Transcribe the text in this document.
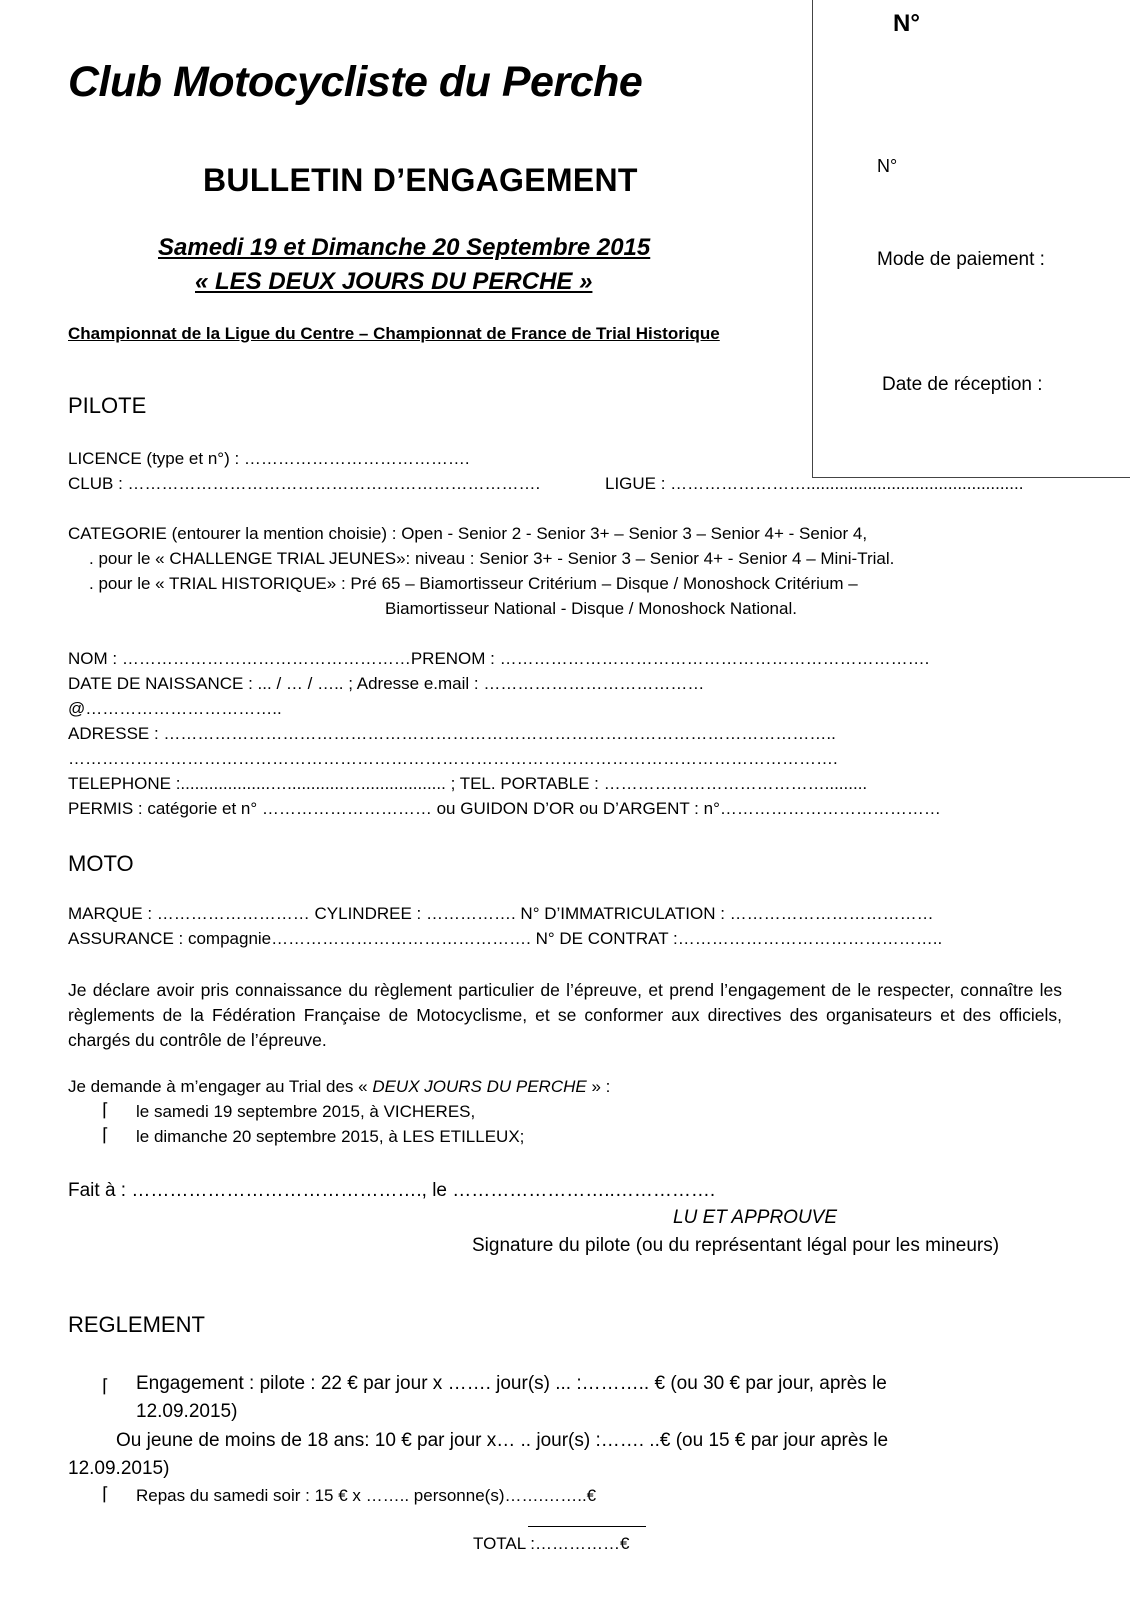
N°
N°
Mode de paiement :
Date de réception :
Club Motocycliste du Perche
BULLETIN D’ENGAGEMENT
Samedi 19 et Dimanche 20 Septembre 2015
« LES DEUX JOURS DU PERCHE »
Championnat de la Ligue du Centre – Championnat de France de Trial Historique
PILOTE
LICENCE (type et n°) : ………………………………….
CLUB : ……………………………………………………………….	LIGUE : ……………………..............................................
CATEGORIE (entourer la mention choisie) : Open - Senior 2 - Senior 3+ – Senior 3 – Senior 4+ - Senior 4,
. pour le « CHALLENGE TRIAL JEUNES»: niveau : Senior 3+ - Senior 3 – Senior 4+ - Senior 4 – Mini-Trial.
. pour le « TRIAL HISTORIQUE» : Pré 65 – Biamortisseur Critérium – Disque / Monoshock Critérium –
Biamortisseur National - Disque / Monoshock National.
NOM : ……………………………………………PRENOM : ………………………………………………………………….
DATE DE NAISSANCE : ... / … / ….. ; Adresse e.mail : …………………………………
@……………………………..
ADRESSE : ………………………………………………………………………………………………………..
……………………………………………………………………………………………………………………….
TELEPHONE :...................…............….................. ; TEL. PORTABLE : ………………………………….........
PERMIS : catégorie et n° ………………………… ou GUIDON D’OR ou D’ARGENT : n°…………………………………
MOTO
MARQUE : ……………………… CYLINDREE : ……………. N° D’IMMATRICULATION : ………………………………
ASSURANCE : compagnie………………………………………. N° DE CONTRAT :………………………………………..
Je déclare avoir pris connaissance du règlement particulier de l’épreuve, et prend l’engagement de le respecter, connaître les règlements de la Fédération Française de Motocyclisme, et se conformer aux directives des organisateurs et des officiels, chargés du contrôle de l’épreuve.
Je demande à m’engager au Trial des « DEUX JOURS DU PERCHE » :
⌈ le samedi 19 septembre 2015, à VICHERES,
⌈ le dimanche 20 septembre 2015, à LES ETILLEUX;
Fait à : ………………………………………., le ……………………..…………….
LU ET APPROUVE
Signature du pilote (ou du représentant légal pour les mineurs)
REGLEMENT
⌈ Engagement : pilote : 22 € par jour x ……. jour(s) ... :……….. € (ou 30 € par jour, après le
12.09.2015)
Ou jeune de moins de 18 ans: 10 € par jour x… .. jour(s) :……. ..€ (ou 15 € par jour après le
12.09.2015)
⌈ Repas du samedi soir : 15 € x …….. personne(s)…….……..€
TOTAL :……………€
